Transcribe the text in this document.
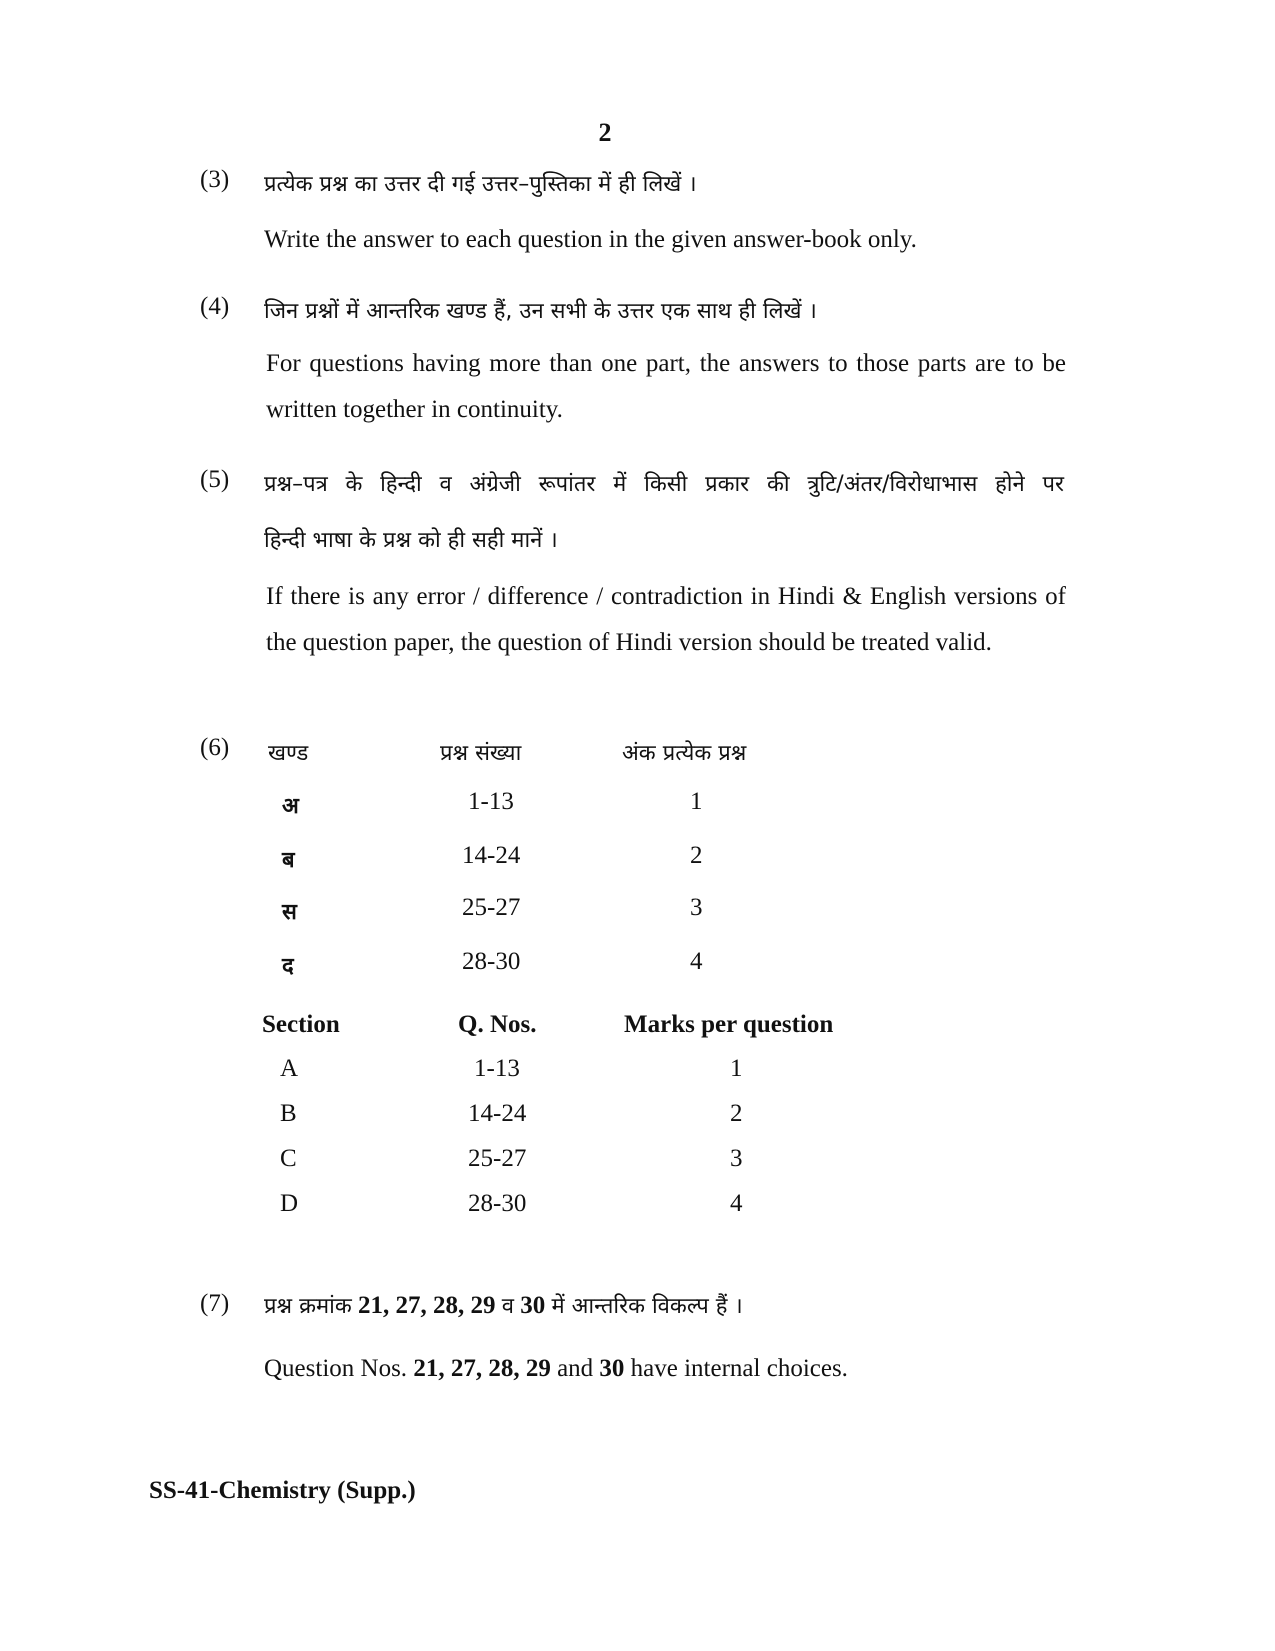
2
(3) प्रत्येक प्रश्न का उत्तर दी गई उत्तर–पुस्तिका में ही लिखें ।
Write the answer to each question in the given answer-book only.
(4) जिन प्रश्नों में आन्तरिक खण्ड हैं, उन सभी के उत्तर एक साथ ही लिखें ।
For questions having more than one part, the answers to those parts are to be written together in continuity.
(5) प्रश्न–पत्र के हिन्दी व अंग्रेजी रूपांतर में किसी प्रकार की त्रुटि/अंतर/विरोधाभास होने पर
हिन्दी भाषा के प्रश्न को ही सही मानें ।
If there is any error / difference / contradiction in Hindi & English versions of the question paper, the question of Hindi version should be treated valid.
(6) खण्ड	प्रश्न संख्या	अंक प्रत्येक प्रश्न
अ	1-13	1
ब	14-24	2
स	25-27	3
द	28-30	4
Section	Q. Nos.	Marks per question
A	1-13	1
B	14-24	2
C	25-27	3
D	28-30	4
(7) प्रश्न क्रमांक 21, 27, 28, 29 व 30 में आन्तरिक विकल्प हैं ।
Question Nos. 21, 27, 28, 29 and 30 have internal choices.
SS-41-Chemistry (Supp.)
